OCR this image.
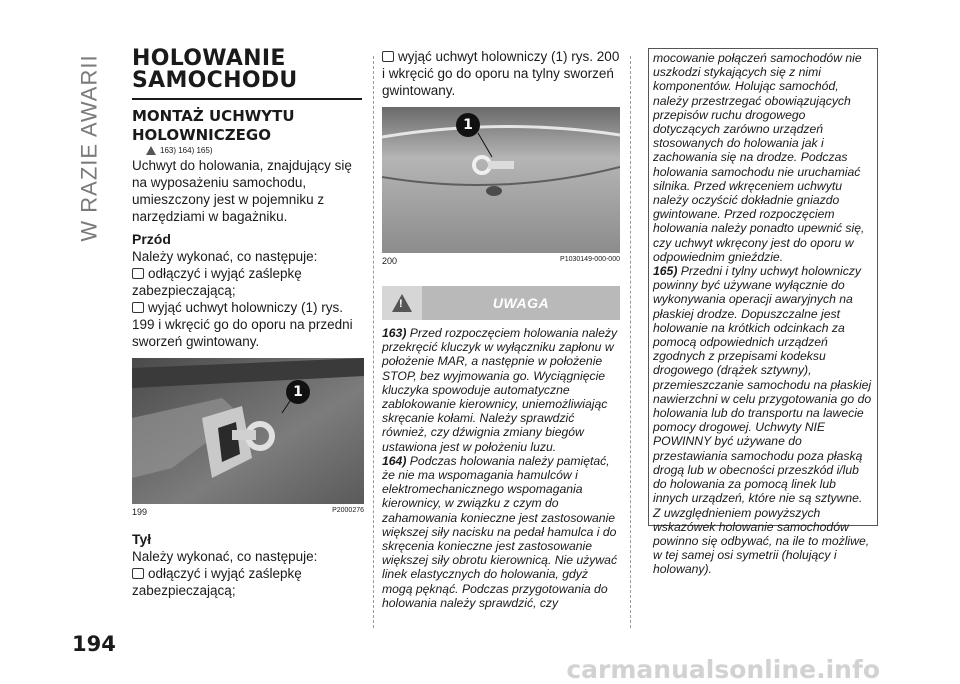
W RAZIE AWARII HOLOWANIE
SAMOCHODU
MONTAŻ UCHWYTU
HOLOWNICZEGO
163) 164) 165)

Uchwyt do holowania, znajdujący się na wyposażeniu samochodu, umieszczony jest w pojemniku z narzędziami w bagażniku.

Przód

Należy wykonać, co następuje:

odłączyć i wyjąć zaślepkę zabezpieczającą;

wyjąć uchwyt holowniczy (1) rys. 199 i wkręcić go do oporu na przedni sworzeń gwintowany.

1
199	P2000276
Tył

Należy wykonać, co następuje:

odłączyć i wyjąć zaślepkę zabezpieczającą;

wyjąć uchwyt holowniczy (1) rys. 200 i wkręcić go do oporu na tylny sworzeń gwintowany.

1
200	P1030149-000-000
!
UWAGA

163) Przed rozpoczęciem holowania należy przekręcić kluczyk w wyłączniku zapłonu w położenie MAR, a następnie w położenie STOP, bez wyjmowania go. Wyciągnięcie kluczyka spowoduje automatyczne zablokowanie kierownicy, uniemożliwiając skręcanie kołami. Należy sprawdzić również, czy dźwignia zmiany biegów ustawiona jest w położeniu luzu.

164) Podczas holowania należy pamiętać, że nie ma wspomagania hamulców i elektromechanicznego wspomagania kierownicy, w związku z czym do zahamowania konieczne jest zastosowanie większej siły nacisku na pedał hamulca i do skręcenia konieczne jest zastosowanie większej siły obrotu kierownicą. Nie używać linek elastycznych do holowania, gdyż mogą pęknąć. Podczas przygotowania do holowania należy sprawdzić, czy

mocowanie połączeń samochodów nie uszkodzi stykających się z nimi komponentów. Holując samochód, należy przestrzegać obowiązujących przepisów ruchu drogowego dotyczących zarówno urządzeń stosowanych do holowania jak i zachowania się na drodze. Podczas holowania samochodu nie uruchamiać silnika. Przed wkręceniem uchwytu należy oczyścić dokładnie gniazdo gwintowane. Przed rozpoczęciem holowania należy ponadto upewnić się, czy uchwyt wkręcony jest do oporu w odpowiednim gnieździe.

165) Przedni i tylny uchwyt holowniczy powinny być używane wyłącznie do wykonywania operacji awaryjnych na płaskiej drodze. Dopuszczalne jest holowanie na krótkich odcinkach za pomocą odpowiednich urządzeń zgodnych z przepisami kodeksu drogowego (drążek sztywny), przemieszczanie samochodu na płaskiej nawierzchni w celu przygotowania go do holowania lub do transportu na lawecie pomocy drogowej. Uchwyty NIE POWINNY być używane do przestawiania samochodu poza płaską drogą lub w obecności przeszkód i/lub do holowania za pomocą linek lub innych urządzeń, które nie są sztywne. Z uwzględnieniem powyższych wskazówek holowanie samochodów powinno się odbywać, na ile to możliwe, w tej samej osi symetrii (holujący i holowany).

194
carmanualsonline.info
